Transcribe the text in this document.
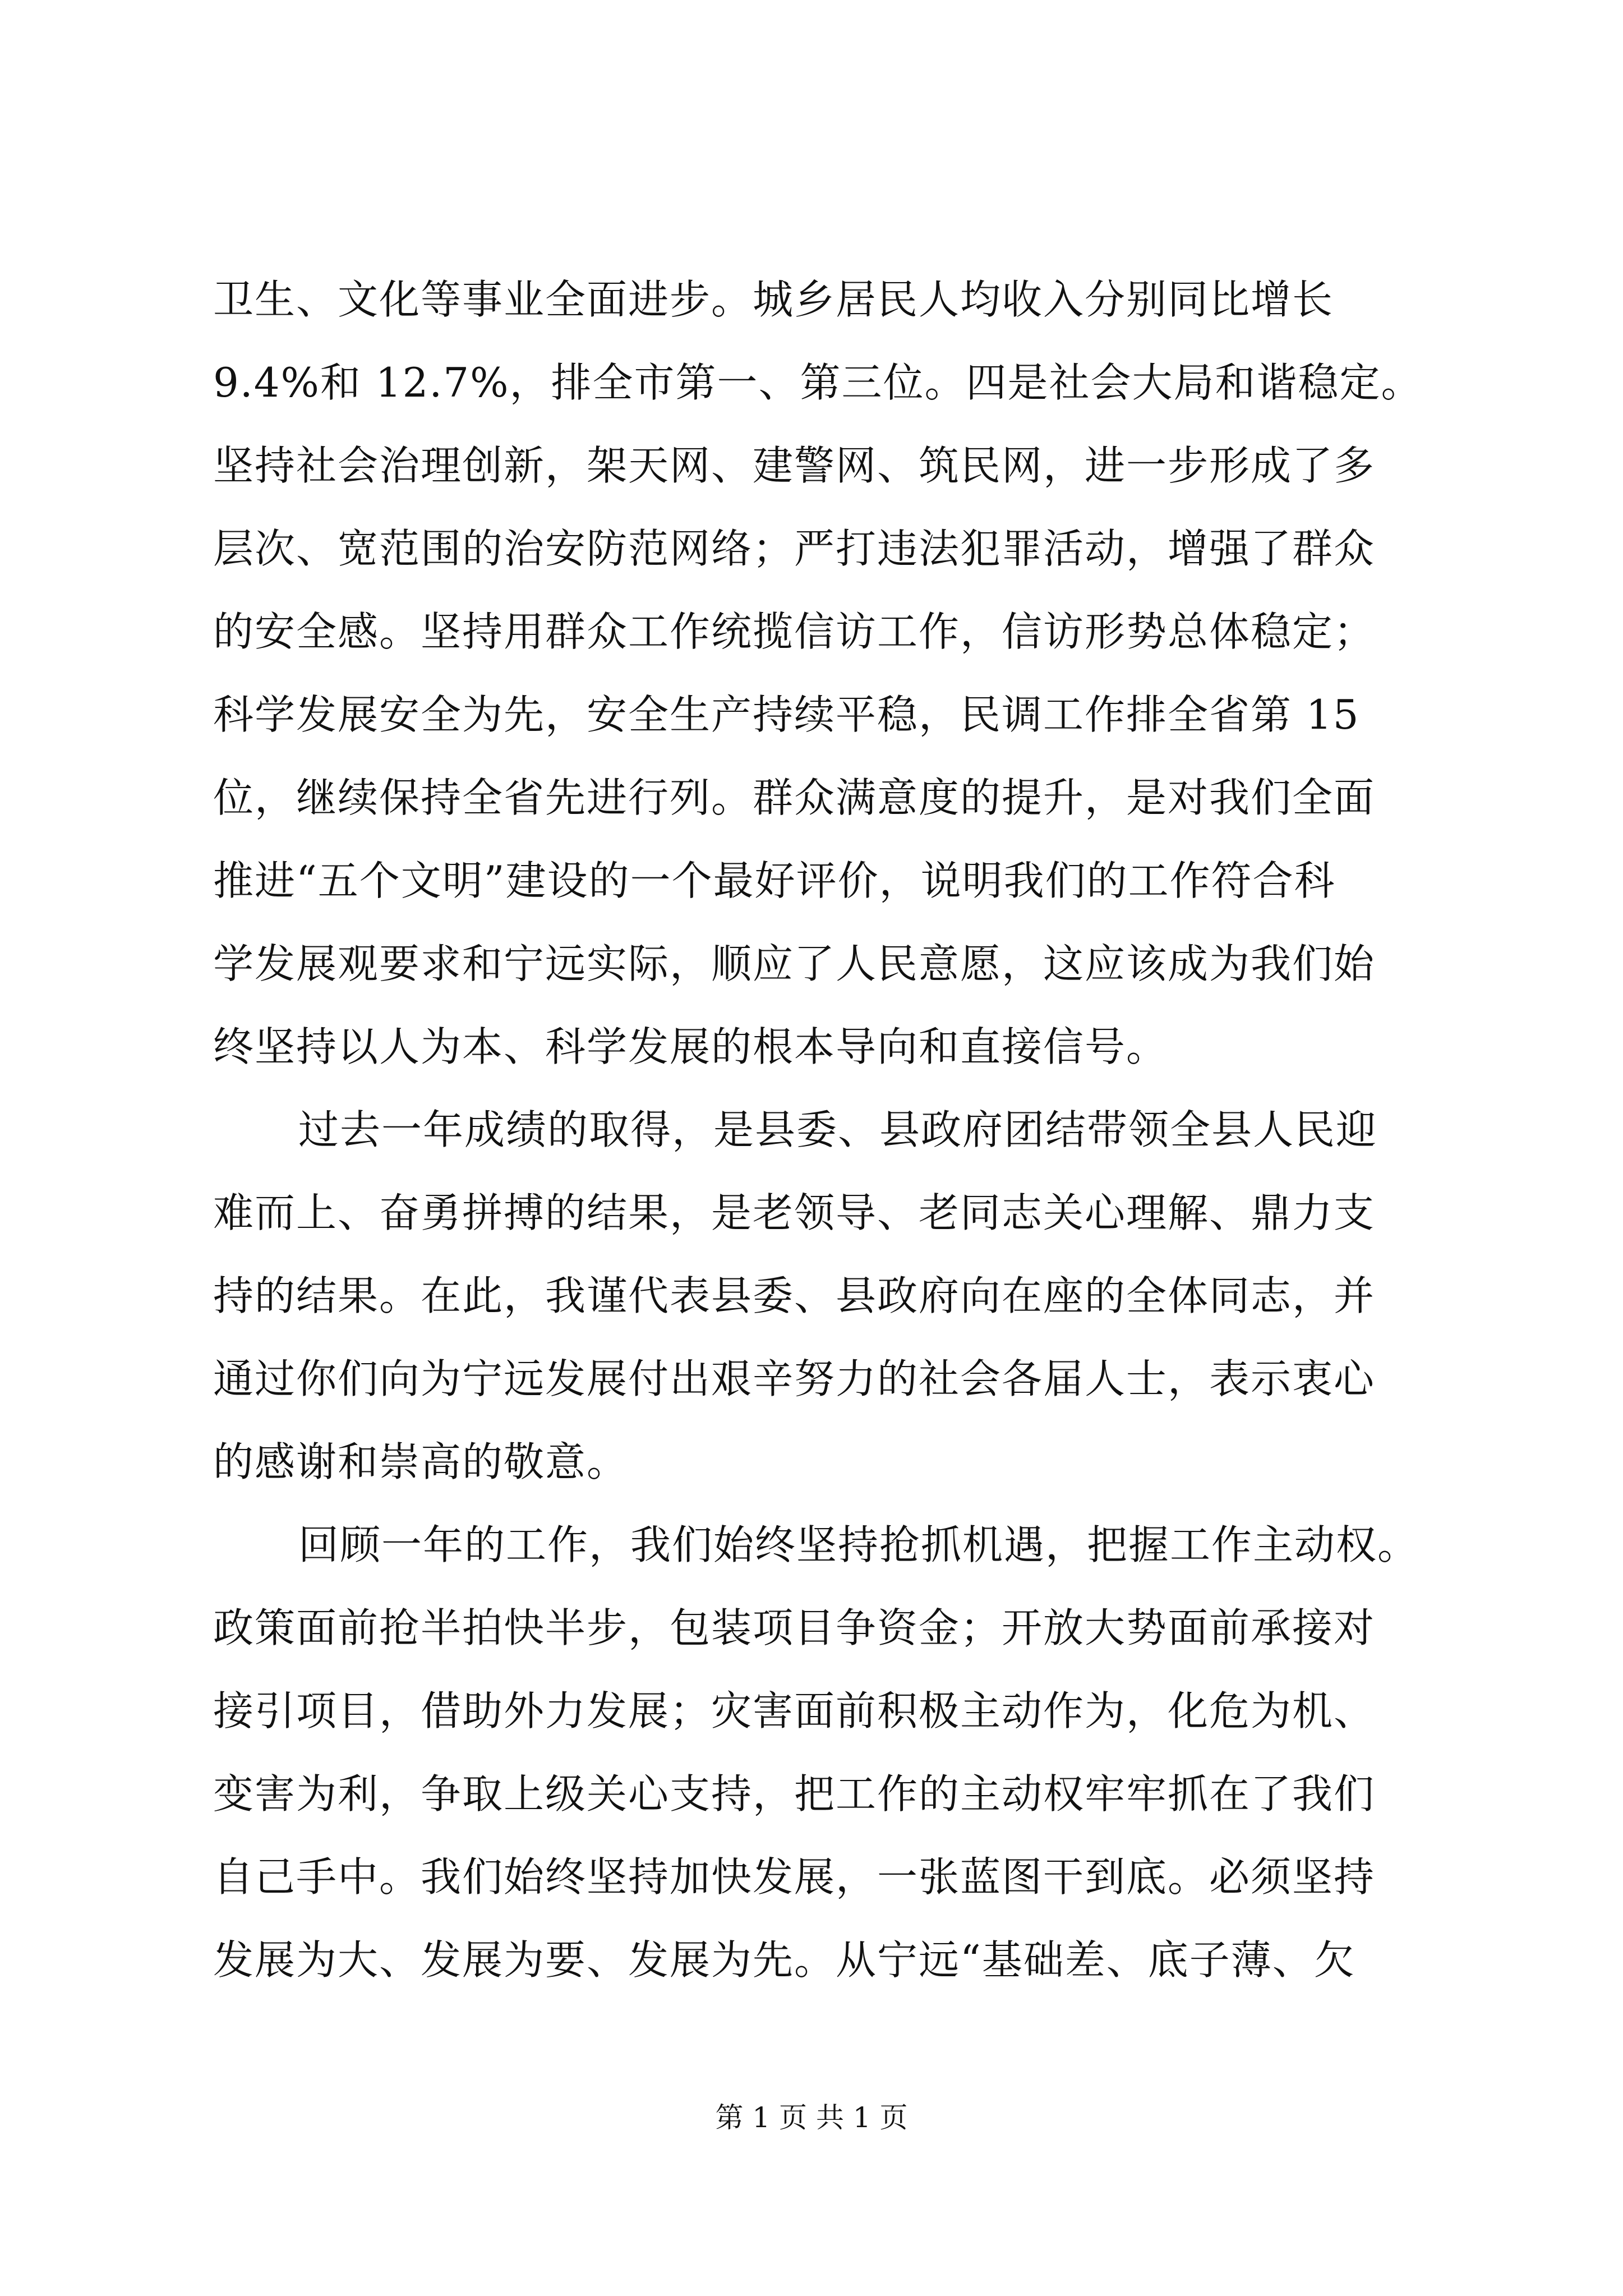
卫生、文化等事业全面进步。城乡居民人均收入分别同比增长
9.4%和 12.7%，排全市第一、第三位。四是社会大局和谐稳定。
坚持社会治理创新，架天网、建警网、筑民网，进一步形成了多
层次、宽范围的治安防范网络；严打违法犯罪活动，增强了群众
的安全感。坚持用群众工作统揽信访工作，信访形势总体稳定；
科学发展安全为先，安全生产持续平稳，民调工作排全省第 15
位，继续保持全省先进行列。群众满意度的提升，是对我们全面
推进“五个文明”建设的一个最好评价，说明我们的工作符合科
学发展观要求和宁远实际，顺应了人民意愿，这应该成为我们始
终坚持以人为本、科学发展的根本导向和直接信号。
过去一年成绩的取得，是县委、县政府团结带领全县人民迎
难而上、奋勇拼搏的结果，是老领导、老同志关心理解、鼎力支
持的结果。在此，我谨代表县委、县政府向在座的全体同志，并
通过你们向为宁远发展付出艰辛努力的社会各届人士，表示衷心
的感谢和崇高的敬意。
回顾一年的工作，我们始终坚持抢抓机遇，把握工作主动权。
政策面前抢半拍快半步，包装项目争资金；开放大势面前承接对
接引项目，借助外力发展；灾害面前积极主动作为，化危为机、
变害为利，争取上级关心支持，把工作的主动权牢牢抓在了我们
自己手中。我们始终坚持加快发展，一张蓝图干到底。必须坚持
发展为大、发展为要、发展为先。从宁远“基础差、底子薄、欠
第 1 页 共 1 页
